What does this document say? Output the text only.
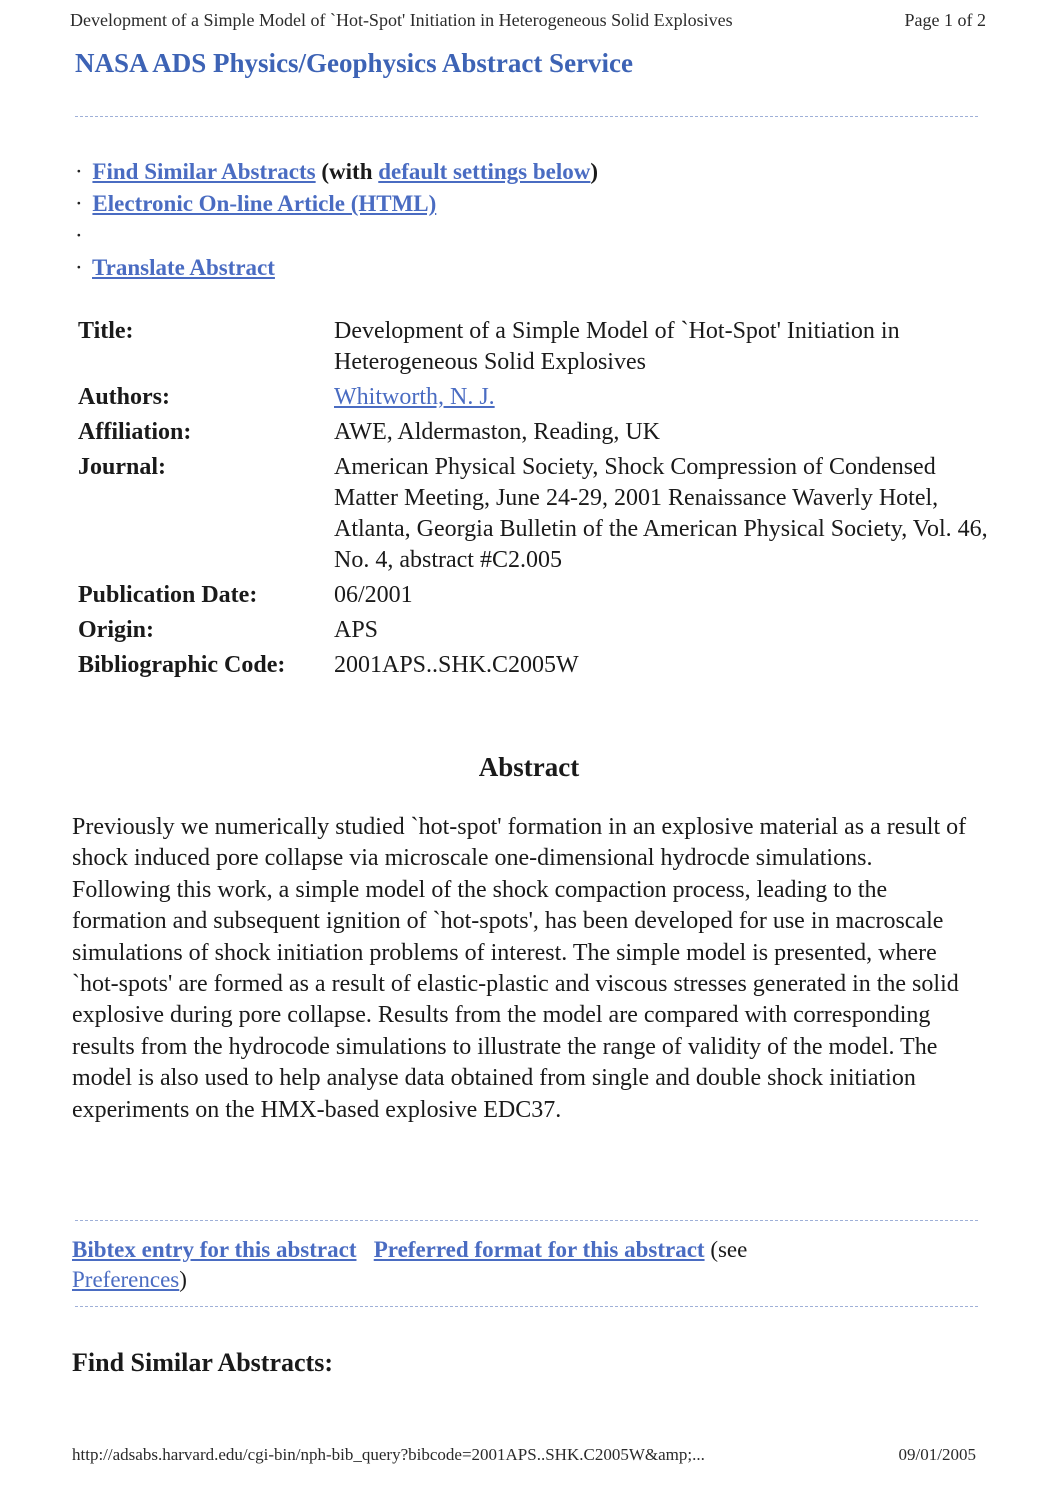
Development of a Simple Model of `Hot-Spot' Initiation in Heterogeneous Solid Explosives	Page 1 of 2
NASA ADS Physics/Geophysics Abstract Service
· Find Similar Abstracts (with default settings below)
· Electronic On-line Article (HTML)
·
· Translate Abstract
Title:	Development of a Simple Model of `Hot-Spot' Initiation in Heterogeneous Solid Explosives
Authors:	Whitworth, N. J.
Affiliation:	AWE, Aldermaston, Reading, UK
Journal:	American Physical Society, Shock Compression of Condensed Matter Meeting, June 24-29, 2001 Renaissance Waverly Hotel, Atlanta, Georgia Bulletin of the American Physical Society, Vol. 46, No. 4, abstract #C2.005
Publication Date:	06/2001
Origin:	APS
Bibliographic Code:	2001APS..SHK.C2005W
Abstract
Previously we numerically studied `hot-spot' formation in an explosive material as a result of shock induced pore collapse via microscale one-dimensional hydrocde simulations. Following this work, a simple model of the shock compaction process, leading to the formation and subsequent ignition of `hot-spots', has been developed for use in macroscale simulations of shock initiation problems of interest. The simple model is presented, where `hot-spots' are formed as a result of elastic-plastic and viscous stresses generated in the solid explosive during pore collapse. Results from the model are compared with corresponding results from the hydrocode simulations to illustrate the range of validity of the model. The model is also used to help analyse data obtained from single and double shock initiation experiments on the HMX-based explosive EDC37.
Bibtex entry for this abstract Preferred format for this abstract (see
Preferences)
Find Similar Abstracts:
http://adsabs.harvard.edu/cgi-bin/nph-bib_query?bibcode=2001APS..SHK.C2005W&amp;...	09/01/2005
